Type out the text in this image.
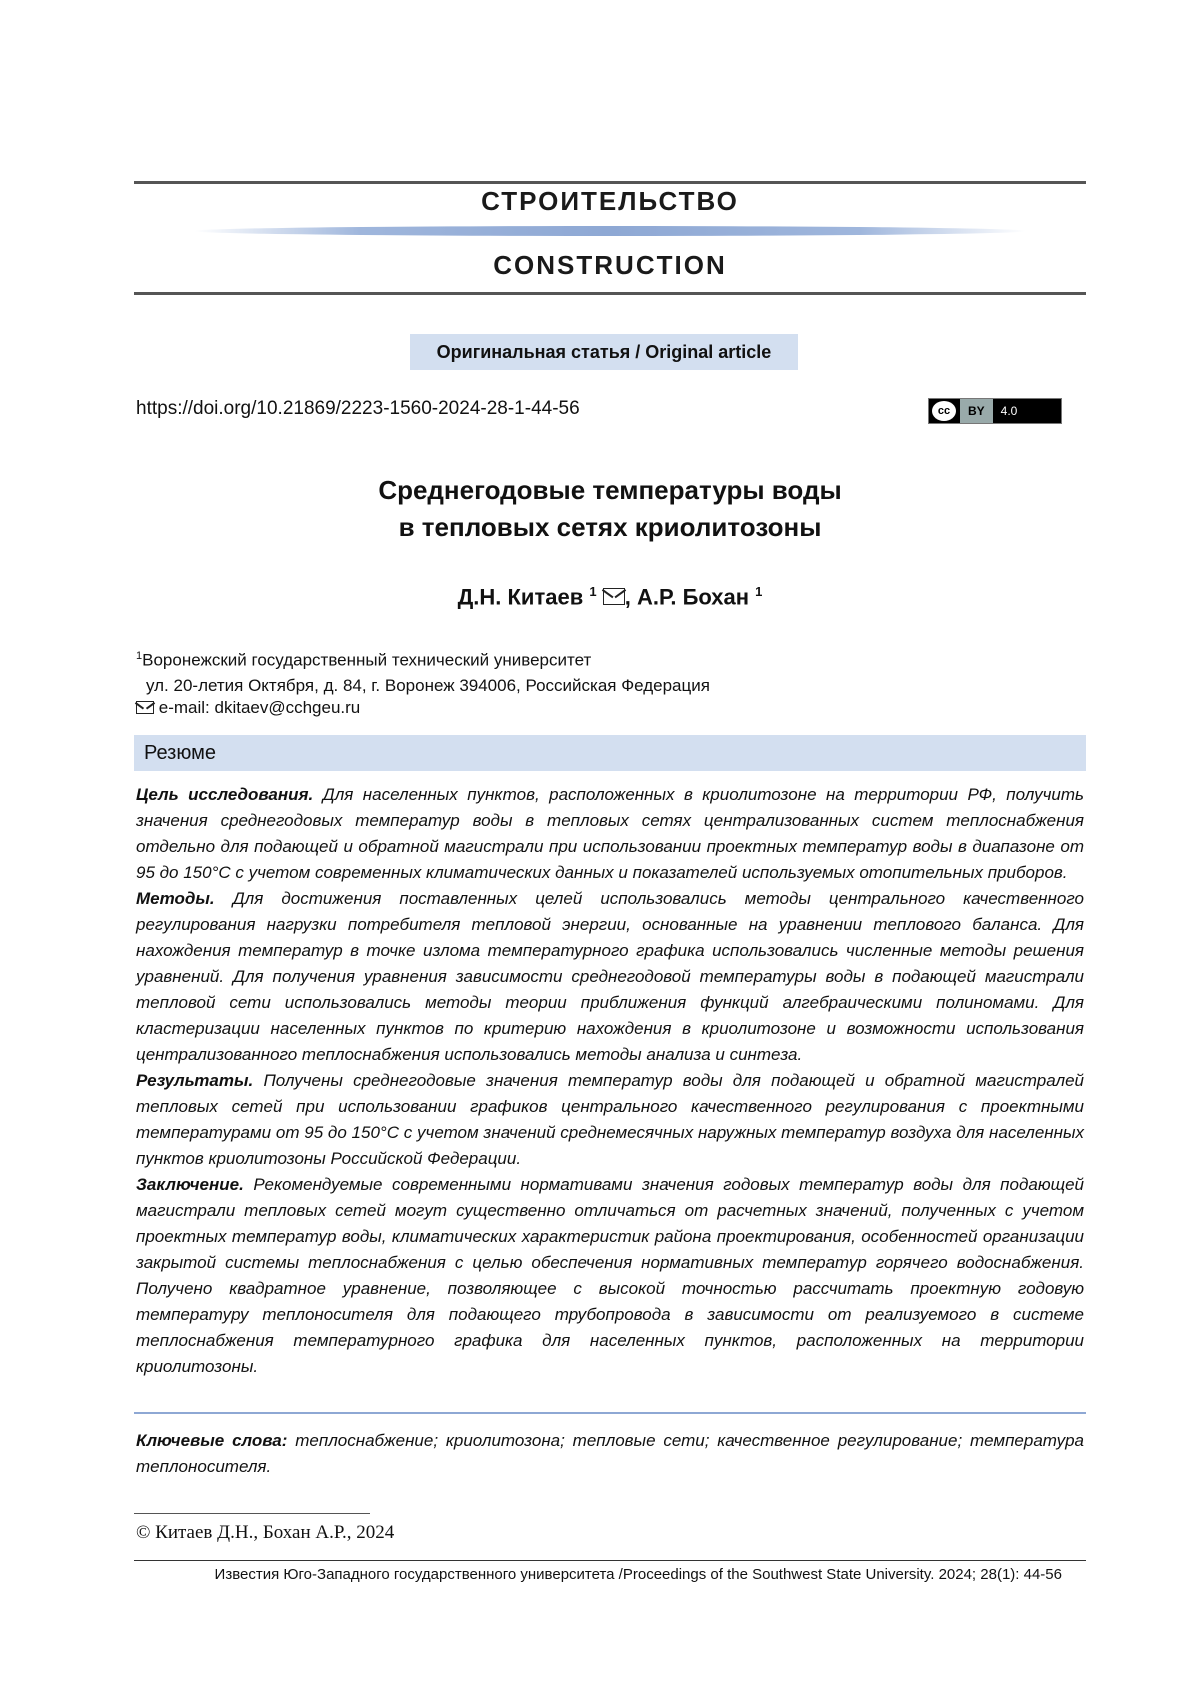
СТРОИТЕЛЬСТВО
CONSTRUCTION
Оригинальная статья / Original article
https://doi.org/10.21869/2223-1560-2024-28-1-44-56	cc	BY	4.0
Среднегодовые температуры воды
в тепловых сетях криолитозоны
Д.Н. Китаев $^1$ , А.Р. Бохан $^1$
$^1$Воронежский государственный технический университет
ул. 20-летия Октября, д. 84, г. Воронеж 394006, Российская Федерация
e-mail: dkitaev@cchgeu.ru
Резюме

Цель исследования. Для населенных пунктов, расположенных в криолитозоне на территории РФ, получить значения среднегодовых температур воды в тепловых сетях централизованных систем теплоснабжения отдельно для подающей и обратной магистрали при использовании проектных температур воды в диапазоне от 95 до 150°С с учетом современных климатических данных и показателей используемых отопительных приборов.

Методы. Для достижения поставленных целей использовались методы центрального качественного регулирования нагрузки потребителя тепловой энергии, основанные на уравнении теплового баланса. Для нахождения температур в точке излома температурного графика использовались численные методы решения уравнений. Для получения уравнения зависимости среднегодовой температуры воды в подающей магистрали тепловой сети использовались методы теории приближения функций алгебраическими полиномами. Для кластеризации населенных пунктов по критерию нахождения в криолитозоне и возможности использования централизованного теплоснабжения использовались методы анализа и синтеза.

Результаты. Получены среднегодовые значения температур воды для подающей и обратной магистралей тепловых сетей при использовании графиков центрального качественного регулирования с проектными температурами от 95 до 150°С с учетом значений среднемесячных наружных температур воздуха для населенных пунктов криолитозоны Российской Федерации.

Заключение. Рекомендуемые современными нормативами значения годовых температур воды для подающей магистрали тепловых сетей могут существенно отличаться от расчетных значений, полученных с учетом проектных температур воды, климатических характеристик района проектирования, особенностей организации закрытой системы теплоснабжения с целью обеспечения нормативных температур горячего водоснабжения. Получено квадратное уравнение, позволяющее с высокой точностью рассчитать проектную годовую температуру теплоносителя для подающего трубопровода в зависимости от реализуемого в системе теплоснабжения температурного графика для населенных пунктов, расположенных на территории криолитозоны.

Ключевые слова: теплоснабжение; криолитозона; тепловые сети; качественное регулирование; температура теплоносителя.
© Китаев Д.Н., Бохан А.Р., 2024
Известия Юго-Западного государственного университета /Proceedings of the Southwest State University. 2024; 28(1): 44-56
